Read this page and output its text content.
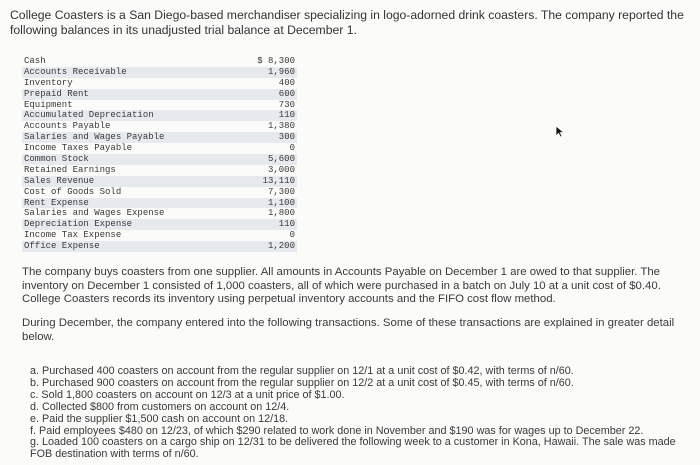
College Coasters is a San Diego-based merchandiser specializing in logo-adorned drink coasters. The company reported the following balances in its unadjusted trial balance at December 1.
Cash	$ 8,300
Accounts Receivable	1,960
Inventory	400
Prepaid Rent	600
Equipment	730
Accumulated Depreciation	110
Accounts Payable	1,380
Salaries and Wages Payable	300
Income Taxes Payable	0
Common Stock	5,600
Retained Earnings	3,000
Sales Revenue	13,110
Cost of Goods Sold	7,300
Rent Expense	1,100
Salaries and Wages Expense	1,800
Depreciation Expense	110
Income Tax Expense	0
Office Expense	1,200
The company buys coasters from one supplier. All amounts in Accounts Payable on December 1 are owed to that supplier. The inventory on December 1 consisted of 1,000 coasters, all of which were purchased in a batch on July 10 at a unit cost of $0.40. College Coasters records its inventory using perpetual inventory accounts and the FIFO cost flow method.
During December, the company entered into the following transactions. Some of these transactions are explained in greater detail below.
a. Purchased 400 coasters on account from the regular supplier on 12/1 at a unit cost of $0.42, with terms of n/60.
b. Purchased 900 coasters on account from the regular supplier on 12/2 at a unit cost of $0.45, with terms of n/60.
c. Sold 1,800 coasters on account on 12/3 at a unit price of $1.00.
d. Collected $800 from customers on account on 12/4.
e. Paid the supplier $1,500 cash on account on 12/18.
f. Paid employees $480 on 12/23, of which $290 related to work done in November and $190 was for wages up to December 22.
g. Loaded 100 coasters on a cargo ship on 12/31 to be delivered the following week to a customer in Kona, Hawaii. The sale was made FOB destination with terms of n/60.
